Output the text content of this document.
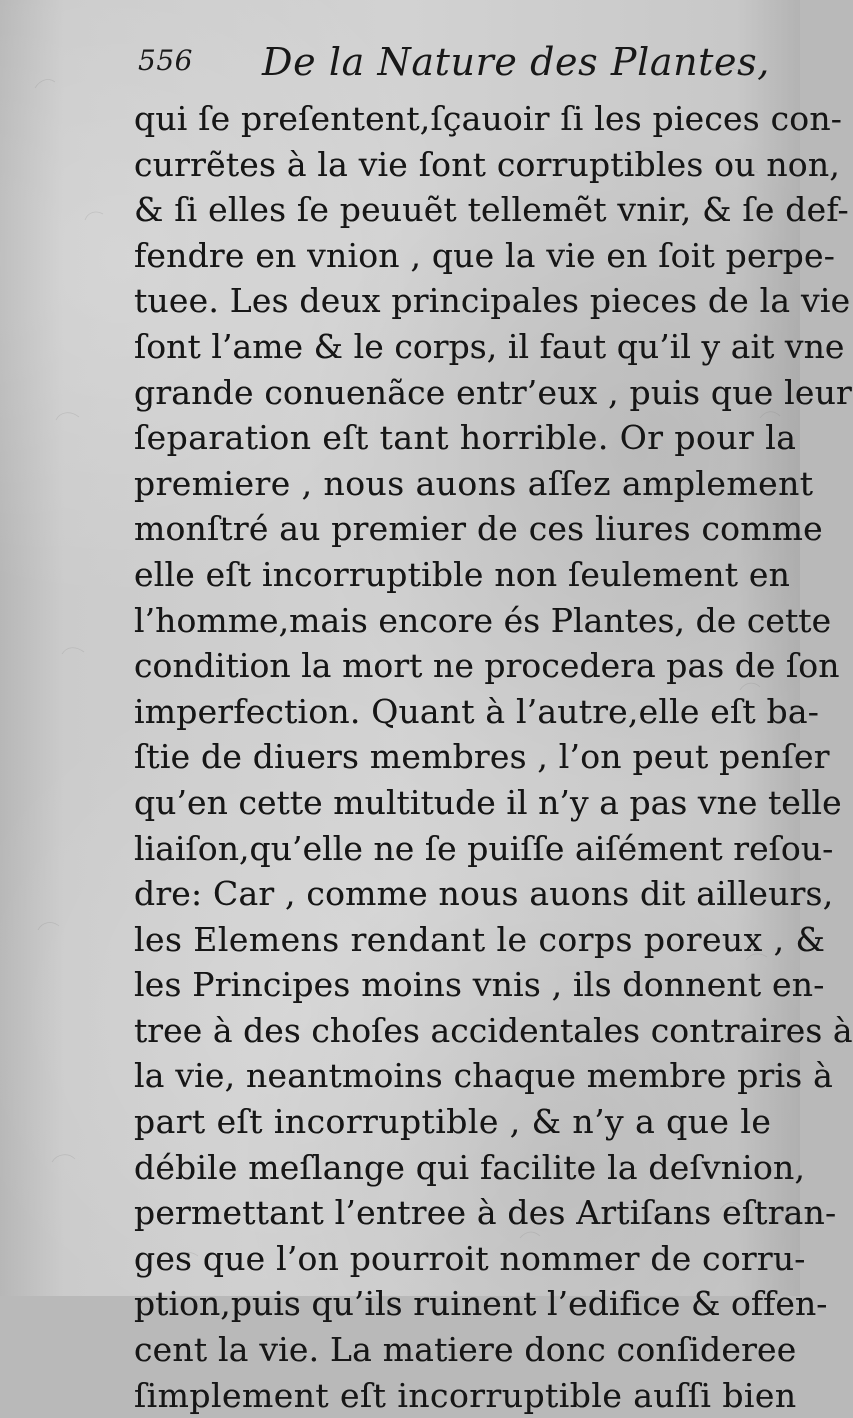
556 De la Nature des Plantes,
qui ſe preſentent,ſçauoir ſi les pieces con-
currẽtes à la vie ſont corruptibles ou non,
& ſi elles ſe peuuẽt tellemẽt vnir, & ſe def-
fendre en vnion , que la vie en ſoit perpe-
tuee. Les deux principales pieces de la vie
ſont l’ame & le corps, il faut qu’il y ait vne
grande conuenãce entr’eux , puis que leur
ſeparation eſt tant horrible. Or pour la
premiere , nous auons aſſez amplement
monſtré au premier de ces liures comme
elle eſt incorruptible non ſeulement en
l’homme,mais encore és Plantes, de cette
condition la mort ne procedera pas de ſon
imperfection. Quant à l’autre,elle eſt ba-
ſtie de diuers membres , l’on peut penſer
qu’en cette multitude il n’y a pas vne telle
liaiſon,qu’elle ne ſe puiſſe aiſément reſou-
dre: Car , comme nous auons dit ailleurs,
les Elemens rendant le corps poreux , &
les Principes moins vnis , ils donnent en-
tree à des choſes accidentales contraires à
la vie, neantmoins chaque membre pris à
part eſt incorruptible , & n’y a que le
débile meſlange qui facilite la deſvnion,
permettant l’entree à des Artiſans eſtran-
ges que l’on pourroit nommer de corru-
ption,puis qu’ils ruinent l’edifice & offen-
cent la vie. La matiere donc conſideree
ſimplement eſt incorruptible auſſi bien
